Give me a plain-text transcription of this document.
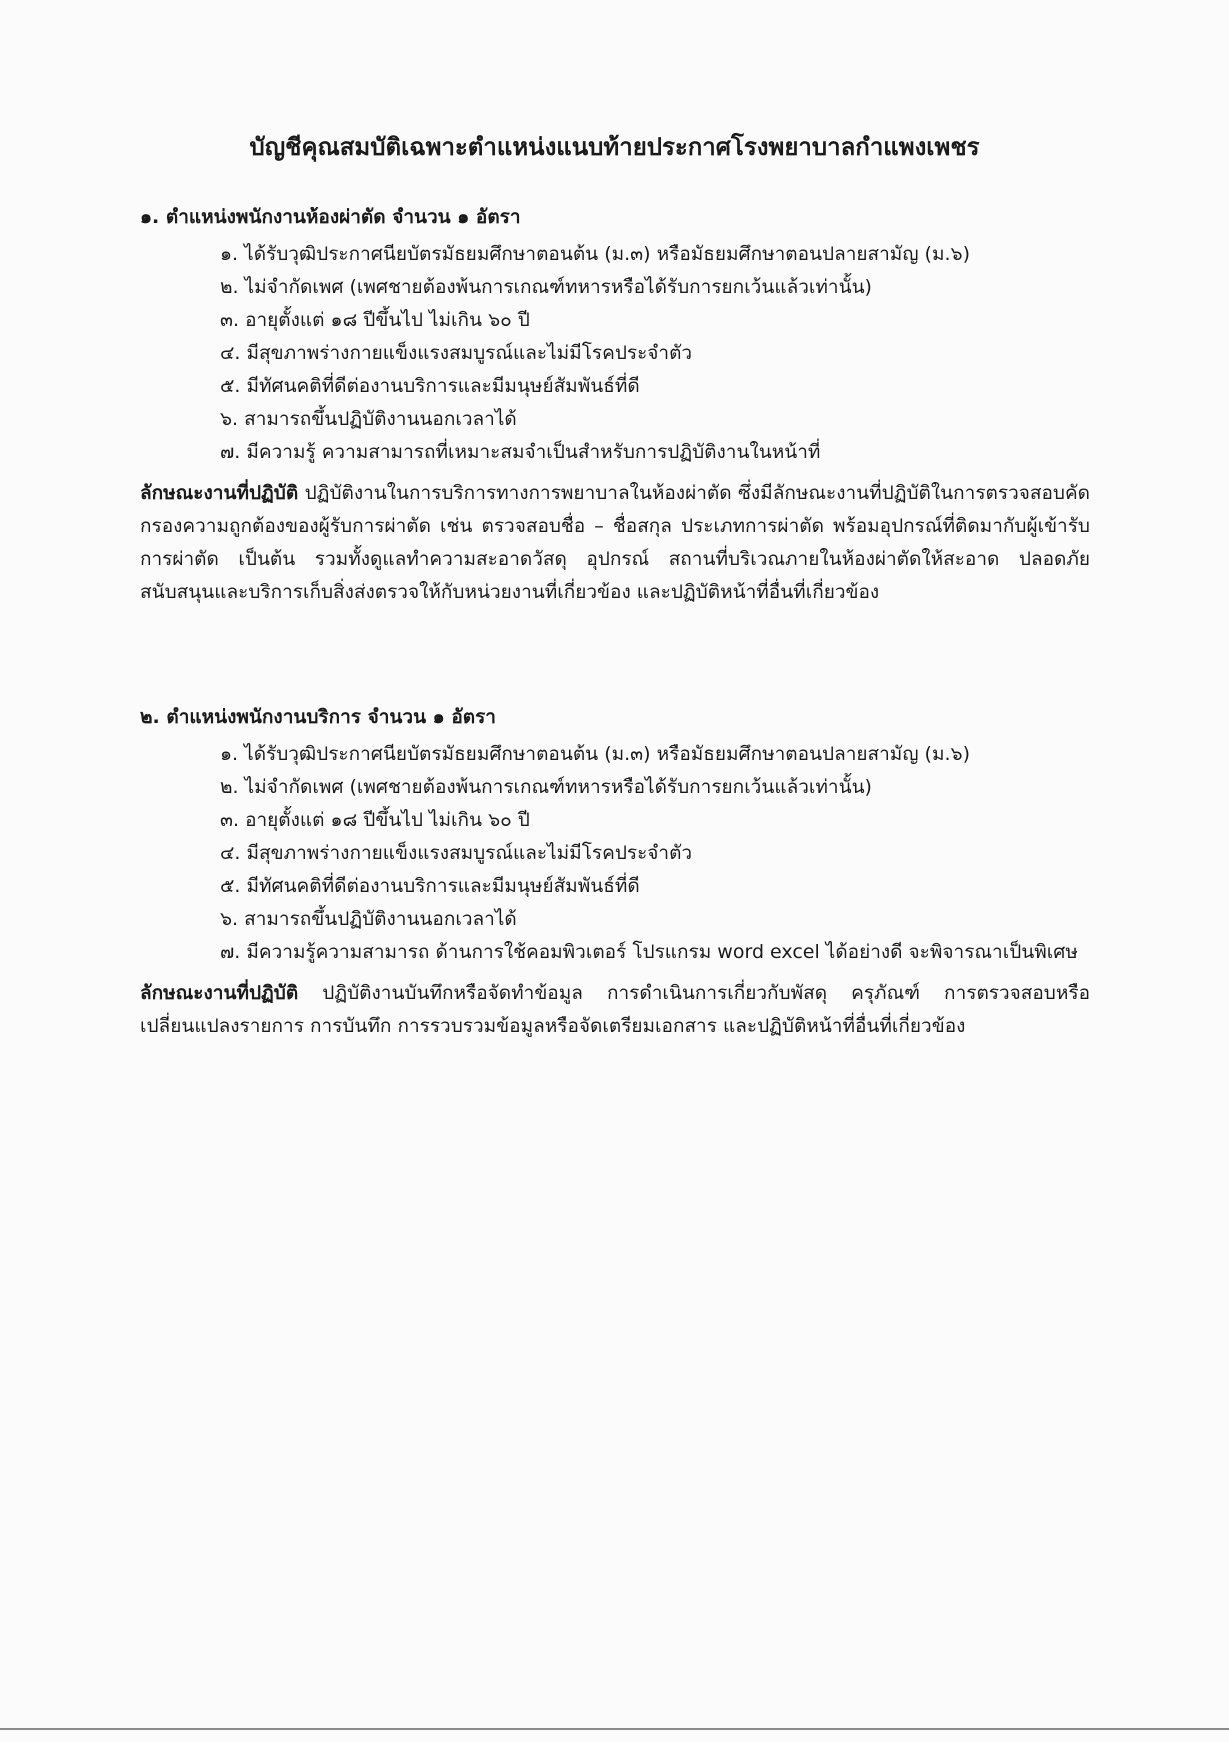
บัญชีคุณสมบัติเฉพาะตำแหน่งแนบท้ายประกาศโรงพยาบาลกำแพงเพชร
๑. ตำแหน่งพนักงานห้องผ่าตัด จำนวน ๑ อัตรา
๑. ได้รับวุฒิประกาศนียบัตรมัธยมศึกษาตอนต้น (ม.๓) หรือมัธยมศึกษาตอนปลายสามัญ (ม.๖)
๒. ไม่จำกัดเพศ (เพศชายต้องพ้นการเกณฑ์ทหารหรือได้รับการยกเว้นแล้วเท่านั้น)
๓. อายุตั้งแต่ ๑๘ ปีขึ้นไป ไม่เกิน ๖๐ ปี
๔. มีสุขภาพร่างกายแข็งแรงสมบูรณ์และไม่มีโรคประจำตัว
๕. มีทัศนคติที่ดีต่องานบริการและมีมนุษย์สัมพันธ์ที่ดี
๖. สามารถขึ้นปฏิบัติงานนอกเวลาได้
๗. มีความรู้ ความสามารถที่เหมาะสมจำเป็นสำหรับการปฏิบัติงานในหน้าที่
ลักษณะงานที่ปฏิบัติ ปฏิบัติงานในการบริการทางการพยาบาลในห้องผ่าตัด ซึ่งมีลักษณะงานที่ปฏิบัติในการตรวจสอบคัดกรองความถูกต้องของผู้รับการผ่าตัด เช่น ตรวจสอบชื่อ – ชื่อสกุล ประเภทการผ่าตัด พร้อมอุปกรณ์ที่ติดมากับผู้เข้ารับการผ่าตัด เป็นต้น รวมทั้งดูแลทำความสะอาดวัสดุ อุปกรณ์ สถานที่บริเวณภายในห้องผ่าตัดให้สะอาด ปลอดภัย สนับสนุนและบริการเก็บสิ่งส่งตรวจให้กับหน่วยงานที่เกี่ยวข้อง และปฏิบัติหน้าที่อื่นที่เกี่ยวข้อง
๒. ตำแหน่งพนักงานบริการ จำนวน ๑ อัตรา
๑. ได้รับวุฒิประกาศนียบัตรมัธยมศึกษาตอนต้น (ม.๓) หรือมัธยมศึกษาตอนปลายสามัญ (ม.๖)
๒. ไม่จำกัดเพศ (เพศชายต้องพ้นการเกณฑ์ทหารหรือได้รับการยกเว้นแล้วเท่านั้น)
๓. อายุตั้งแต่ ๑๘ ปีขึ้นไป ไม่เกิน ๖๐ ปี
๔. มีสุขภาพร่างกายแข็งแรงสมบูรณ์และไม่มีโรคประจำตัว
๕. มีทัศนคติที่ดีต่องานบริการและมีมนุษย์สัมพันธ์ที่ดี
๖. สามารถขึ้นปฏิบัติงานนอกเวลาได้
๗. มีความรู้ความสามารถ ด้านการใช้คอมพิวเตอร์ โปรแกรม word excel ได้อย่างดี จะพิจารณาเป็นพิเศษ
ลักษณะงานที่ปฏิบัติ ปฏิบัติงานบันทึกหรือจัดทำข้อมูล การดำเนินการเกี่ยวกับพัสดุ ครุภัณฑ์ การตรวจสอบหรือเปลี่ยนแปลงรายการ การบันทึก การรวบรวมข้อมูลหรือจัดเตรียมเอกสาร และปฏิบัติหน้าที่อื่นที่เกี่ยวข้อง
